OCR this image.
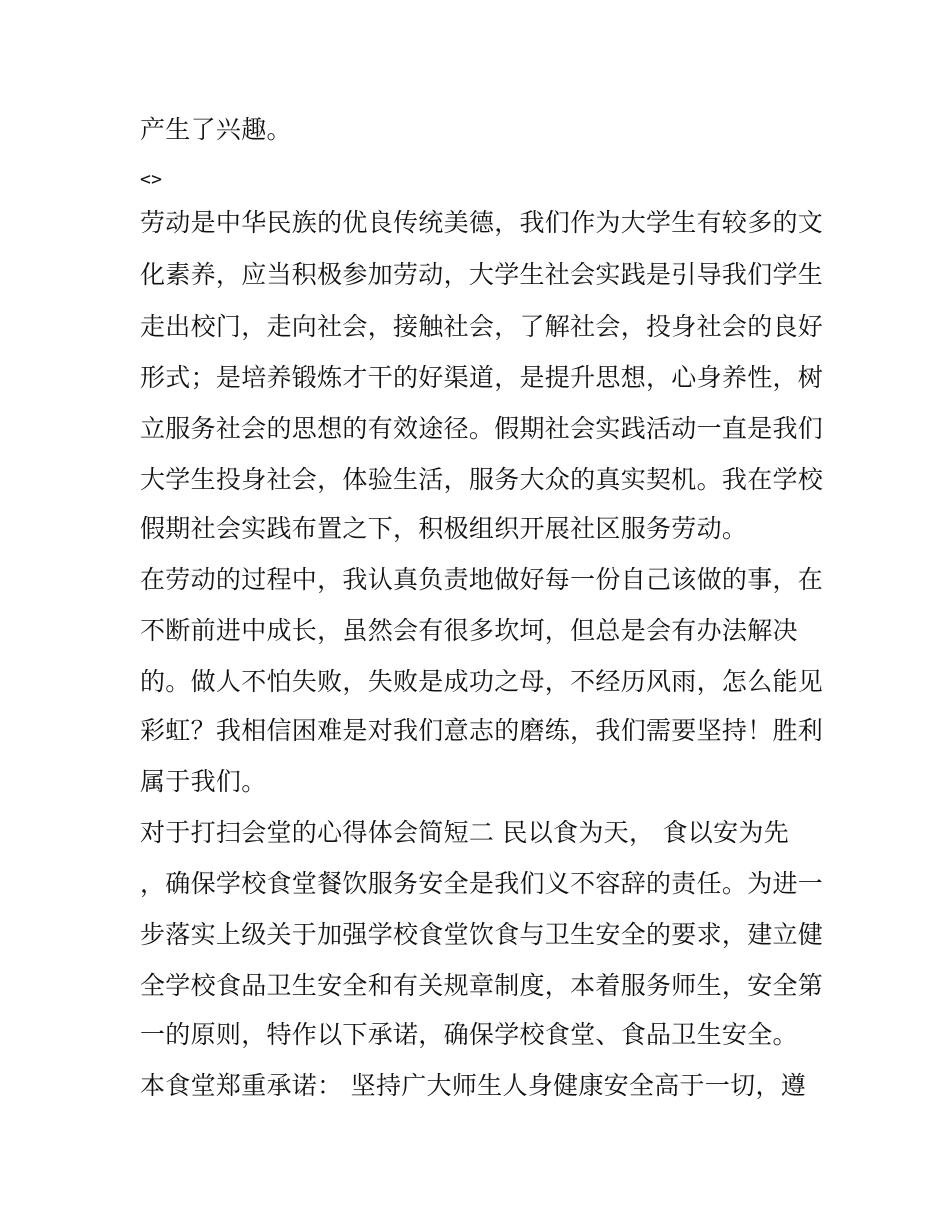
产生了兴趣。
<>
劳动是中华民族的优良传统美德，我们作为大学生有较多的文
化素养，应当积极参加劳动，大学生社会实践是引导我们学生
走出校门，走向社会，接触社会，了解社会，投身社会的良好
形式；是培养锻炼才干的好渠道，是提升思想，心身养性，树
立服务社会的思想的有效途径。假期社会实践活动一直是我们
大学生投身社会，体验生活，服务大众的真实契机。我在学校
假期社会实践布置之下，积极组织开展社区服务劳动。
在劳动的过程中，我认真负责地做好每一份自己该做的事，在
不断前进中成长，虽然会有很多坎坷，但总是会有办法解决
的。做人不怕失败，失败是成功之母，不经历风雨，怎么能见
彩虹？我相信困难是对我们意志的磨练，我们需要坚持！胜利
属于我们。
对于打扫会堂的心得体会简短二 民以食为天， 食以安为先
，确保学校食堂餐饮服务安全是我们义不容辞的责任。为进一
步落实上级关于加强学校食堂饮食与卫生安全的要求，建立健
全学校食品卫生安全和有关规章制度，本着服务师生，安全第
一的原则，特作以下承诺，确保学校食堂、食品卫生安全。
本食堂郑重承诺： 坚持广大师生人身健康安全高于一切，遵
